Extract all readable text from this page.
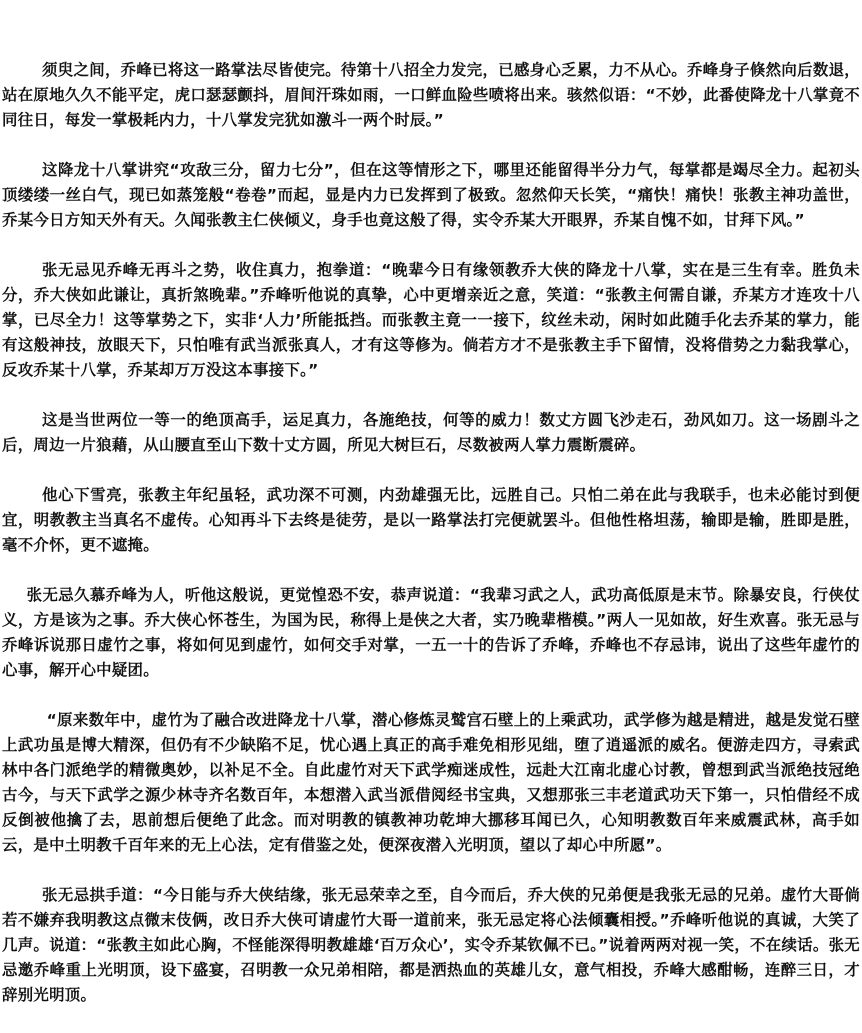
须臾之间，乔峰已将这一路掌法尽皆使完。待第十八招全力发完，已感身心乏累，力不从心。乔峰身子倏然向后数退，站在原地久久不能平定，虎口瑟瑟颤抖，眉间汗珠如雨，一口鲜血险些喷将出来。骇然似语：“不妙，此番使降龙十八掌竟不同往日，每发一掌极耗内力，十八掌发完犹如激斗一两个时辰。”

这降龙十八掌讲究“攻敌三分，留力七分”，但在这等情形之下，哪里还能留得半分力气，每掌都是竭尽全力。起初头顶缕缕一丝白气，现已如蒸笼般“卷卷”而起，显是内力已发挥到了极致。忽然仰天长笑，“痛快！痛快！张教主神功盖世，乔某今日方知天外有天。久闻张教主仁侠倾义，身手也竟这般了得，实令乔某大开眼界，乔某自愧不如，甘拜下风。”

张无忌见乔峰无再斗之势，收住真力，抱拳道：“晚辈今日有缘领教乔大侠的降龙十八掌，实在是三生有幸。胜负未分，乔大侠如此谦让，真折煞晚辈。”乔峰听他说的真挚，心中更增亲近之意，笑道：“张教主何需自谦，乔某方才连攻十八掌，已尽全力！这等掌势之下，实非‘人力’所能抵挡。而张教主竟一一接下，纹丝未动，闲时如此随手化去乔某的掌力，能有这般神技，放眼天下，只怕唯有武当派张真人，才有这等修为。倘若方才不是张教主手下留情，没将借势之力黏我掌心，反攻乔某十八掌，乔某却万万没这本事接下。”

这是当世两位一等一的绝顶高手，运足真力，各施绝技，何等的威力！数丈方圆飞沙走石，劲风如刀。这一场剧斗之后，周边一片狼藉，从山腰直至山下数十丈方圆，所见大树巨石，尽数被两人掌力震断震碎。

他心下雪亮，张教主年纪虽轻，武功深不可测，内劲雄强无比，远胜自己。只怕二弟在此与我联手，也未必能讨到便宜，明教教主当真名不虚传。心知再斗下去终是徒劳，是以一路掌法打完便就罢斗。但他性格坦荡，输即是输，胜即是胜，毫不介怀，更不遮掩。

张无忌久慕乔峰为人，听他这般说，更觉惶恐不安，恭声说道：“我辈习武之人，武功高低原是末节。除暴安良，行侠仗义，方是该为之事。乔大侠心怀苍生，为国为民，称得上是侠之大者，实乃晚辈楷模。”两人一见如故，好生欢喜。张无忌与乔峰诉说那日虚竹之事，将如何见到虚竹，如何交手对掌，一五一十的告诉了乔峰，乔峰也不存忌讳，说出了这些年虚竹的心事，解开心中疑团。

“原来数年中，虚竹为了融合改进降龙十八掌，潜心修炼灵鹫宫石壁上的上乘武功，武学修为越是精进，越是发觉石壁上武功虽是博大精深，但仍有不少缺陷不足，忧心遇上真正的高手难免相形见绌，堕了逍遥派的威名。便游走四方，寻索武林中各门派绝学的精微奥妙，以补足不全。自此虚竹对天下武学痴迷成性，远赴大江南北虚心讨教，曾想到武当派绝技冠绝古今，与天下武学之源少林寺齐名数百年，本想潜入武当派借阅经书宝典，又想那张三丰老道武功天下第一，只怕借经不成反倒被他擒了去，思前想后便绝了此念。而对明教的镇教神功乾坤大挪移耳闻已久，心知明教数百年来威震武林，高手如云，是中土明教千百年来的无上心法，定有借鉴之处，便深夜潜入光明顶，望以了却心中所愿”。

张无忌拱手道：“今日能与乔大侠结缘，张无忌荣幸之至，自今而后，乔大侠的兄弟便是我张无忌的兄弟。虚竹大哥倘若不嫌弃我明教这点微末伎俩，改日乔大侠可请虚竹大哥一道前来，张无忌定将心法倾囊相授。”乔峰听他说的真诚，大笑了几声。说道：“张教主如此心胸，不怪能深得明教雄雄‘百万众心’，实令乔某钦佩不已。”说着两两对视一笑，不在续话。张无忌邀乔峰重上光明顶，设下盛宴，召明教一众兄弟相陪，都是洒热血的英雄儿女，意气相投，乔峰大感酣畅，连醉三日，才辞别光明顶。
